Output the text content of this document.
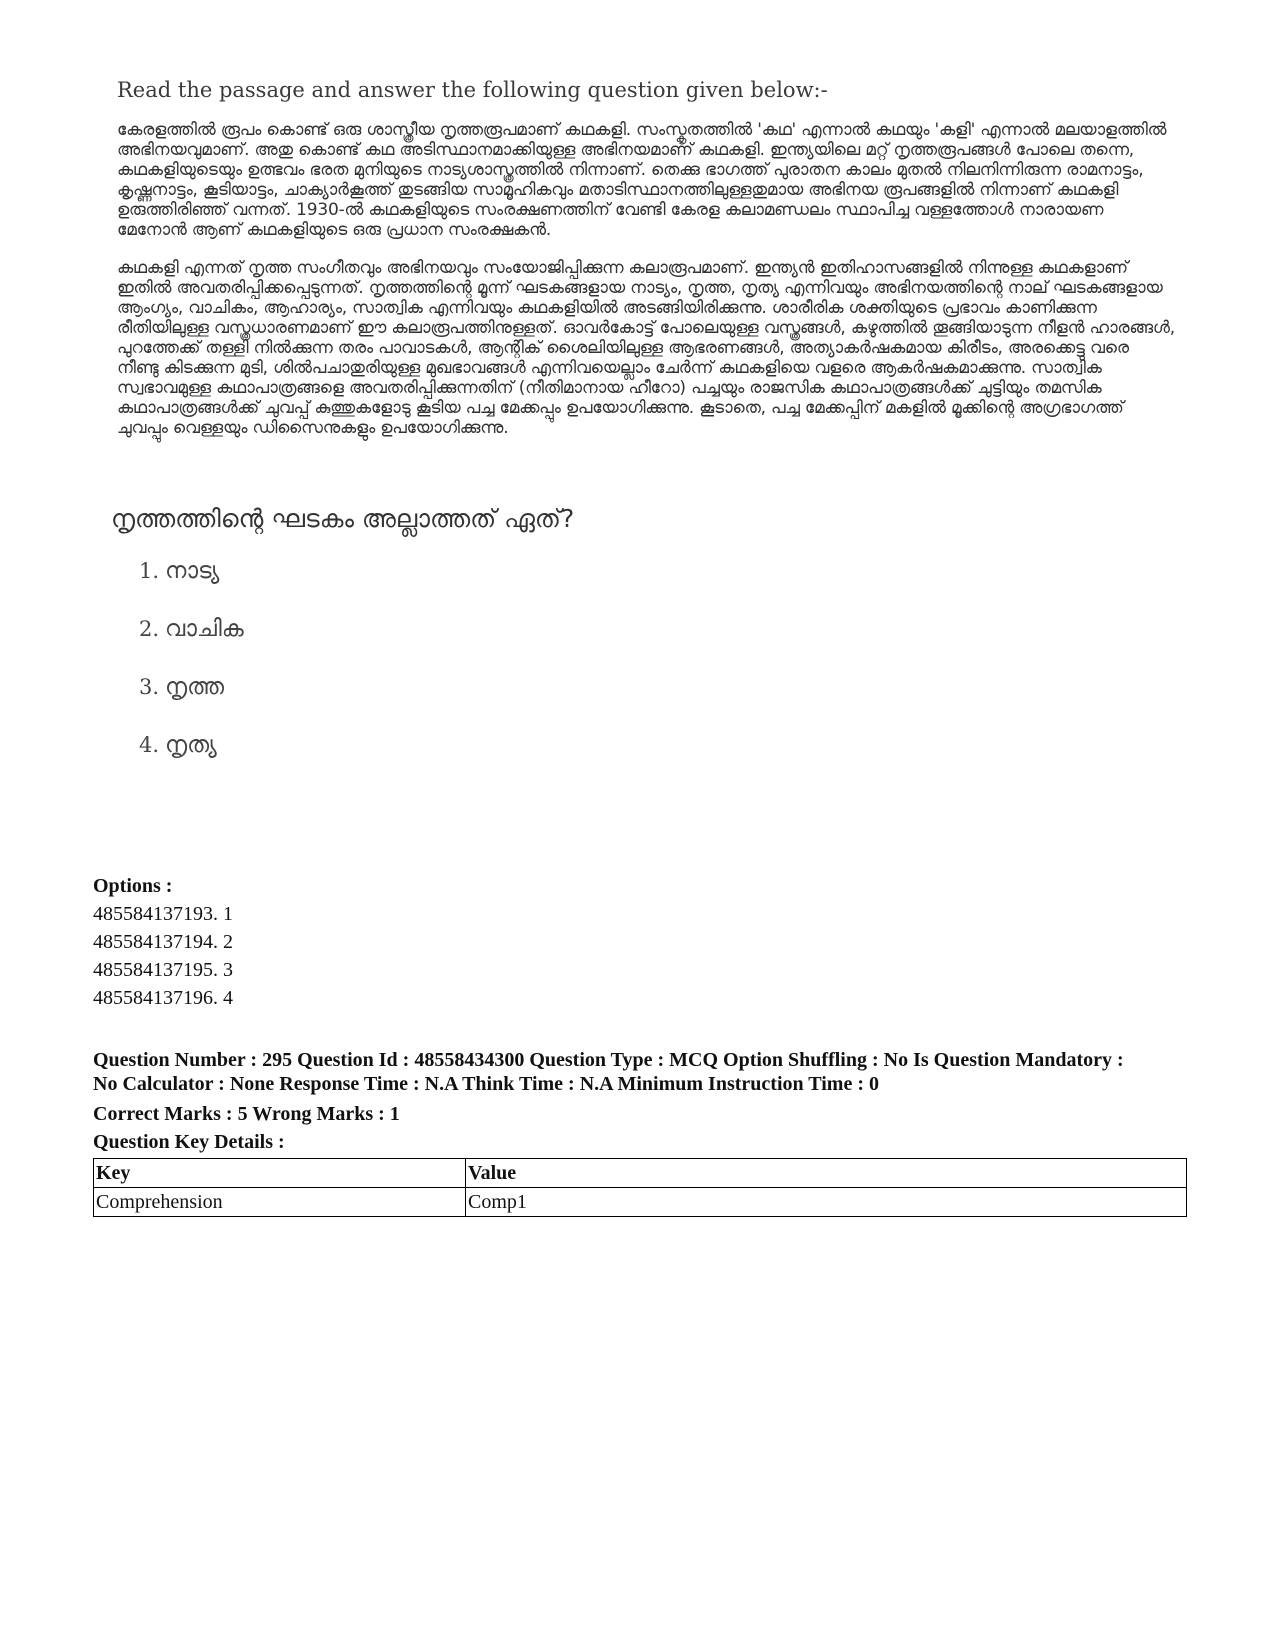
Read the passage and answer the following question given below:-
കേരളത്തിൽ രൂപം കൊണ്ട് ഒരു ശാസ്ത്രീയ നൃത്തരൂപമാണ് കഥകളി. സംസ്കൃതത്തിൽ 'കഥ' എന്നാൽ കഥയും 'കളി' എന്നാൽ മലയാളത്തിൽ അഭിനയവുമാണ്. അതു കൊണ്ട് കഥ അടിസ്ഥാനമാക്കിയുള്ള അഭിനയമാണ് കഥകളി. ഇന്ത്യയിലെ മറ്റ് നൃത്തരൂപങ്ങൾ പോലെ തന്നെ, കഥകളിയുടെയും ഉത്ഭവം ഭരത മുനിയുടെ നാട്യശാസ്ത്രത്തിൽ നിന്നാണ്. തെക്കു ഭാഗത്ത് പുരാതന കാലം മുതൽ നിലനിന്നിരുന്ന രാമനാട്ടം, കൃഷ്ണനാട്ടം, കൂടിയാട്ടം, ചാക്യാർകൂത്ത് തുടങ്ങിയ സാമൂഹികവും മതാടിസ്ഥാനത്തിലുള്ളതുമായ അഭിനയ രൂപങ്ങളിൽ നിന്നാണ് കഥകളി ഉരുത്തിരിഞ്ഞ് വന്നത്. 1930-ൽ കഥകളിയുടെ സംരക്ഷണത്തിന് വേണ്ടി കേരള കലാമണ്ഡലം സ്ഥാപിച്ച വള്ളത്തോൾ നാരായണ മേനോൻ ആണ് കഥകളിയുടെ ഒരു പ്രധാന സംരക്ഷകൻ.
കഥകളി എന്നത് നൃത്ത സംഗീതവും അഭിനയവും സംയോജിപ്പിക്കുന്ന കലാരൂപമാണ്. ഇന്ത്യൻ ഇതിഹാസങ്ങളിൽ നിന്നുള്ള കഥകളാണ് ഇതിൽ അവതരിപ്പിക്കപ്പെടുന്നത്. നൃത്തത്തിന്റെ മൂന്ന് ഘടകങ്ങളായ നാട്യം, നൃത്ത, നൃത്യ എന്നിവയും അഭിനയത്തിന്റെ നാല് ഘടകങ്ങളായ ആംഗ്യം, വാചികം, ആഹാര്യം, സാത്വിക എന്നിവയും കഥകളിയിൽ അടങ്ങിയിരിക്കുന്നു. ശാരീരിക ശക്തിയുടെ പ്രഭാവം കാണിക്കുന്ന രീതിയിലുള്ള വസ്ത്രധാരണമാണ് ഈ കലാരൂപത്തിനുള്ളത്. ഓവർകോട്ട് പോലെയുള്ള വസ്ത്രങ്ങൾ, കഴുത്തിൽ തൂങ്ങിയാടുന്ന നീളൻ ഹാരങ്ങൾ, പുറത്തേക്ക് തള്ളി നിൽക്കുന്ന തരം പാവാടകൾ, ആന്റിക് ശൈലിയിലുള്ള ആഭരണങ്ങൾ, അത്യാകർഷകമായ കിരീടം, അരക്കെട്ടു വരെ നീണ്ടു കിടക്കുന്ന മുടി, ശിൽപചാതുരിയുള്ള മുഖഭാവങ്ങൾ എന്നിവയെല്ലാം ചേർന്ന് കഥകളിയെ വളരെ ആകർഷകമാക്കുന്നു. സാത്വിക സ്വഭാവമുള്ള കഥാപാത്രങ്ങളെ അവതരിപ്പിക്കുന്നതിന് (നീതിമാനായ ഹീറോ) പച്ചയും രാജസിക കഥാപാത്രങ്ങൾക്ക് ചുട്ടിയും തമസിക കഥാപാത്രങ്ങൾക്ക് ചുവപ്പ് കുത്തുകളോടു കൂടിയ പച്ച മേക്കപ്പും ഉപയോഗിക്കുന്നു. കൂടാതെ, പച്ച മേക്കപ്പിന് മകളിൽ മൂക്കിന്റെ അഗ്രഭാഗത്ത് ചുവപ്പും വെള്ളയും ഡിസൈനുകളും ഉപയോഗിക്കുന്നു.
നൃത്തത്തിന്റെ ഘടകം അല്ലാത്തത് ഏത്?
1. നാട്യ
2. വാചിക
3. നൃത്ത
4. നൃത്യ
Options :
485584137193. 1
485584137194. 2
485584137195. 3
485584137196. 4
Question Number : 295 Question Id : 48558434300 Question Type : MCQ Option Shuffling : No Is Question Mandatory :
No Calculator : None Response Time : N.A Think Time : N.A Minimum Instruction Time : 0
Correct Marks : 5 Wrong Marks : 1
Question Key Details :
Key	Value
Comprehension	Comp1
